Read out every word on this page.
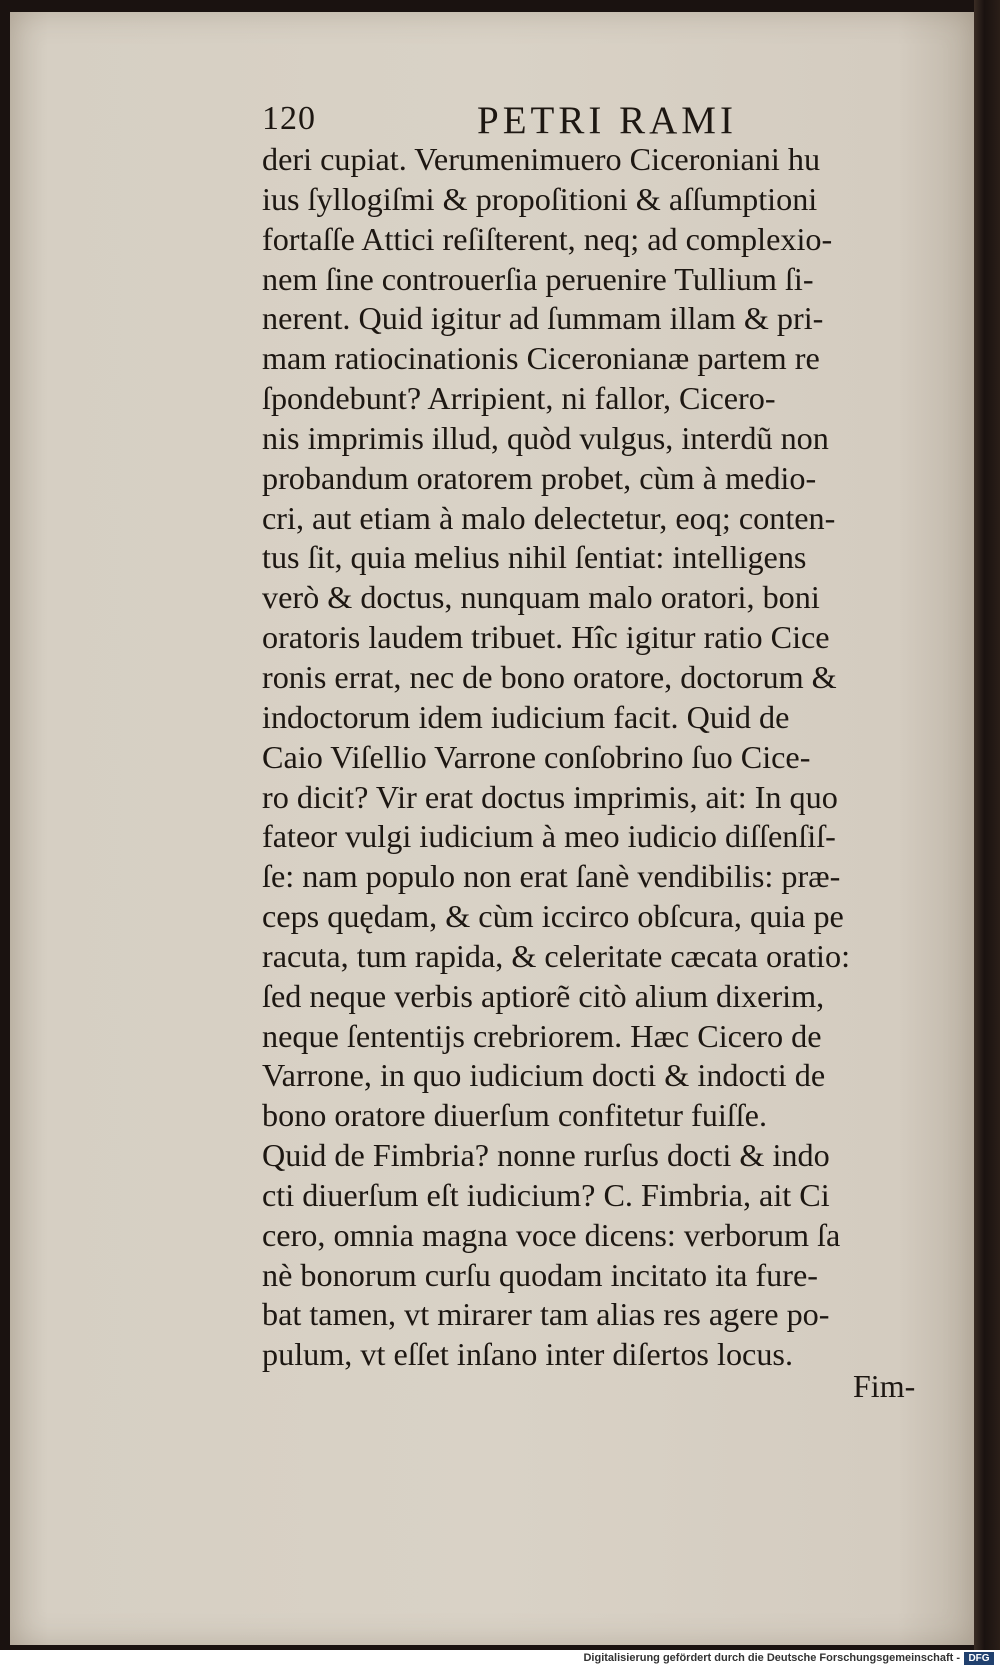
120	PETRI RAMI
deri cupiat. Verumenimuero Ciceroniani hu
ius ſyllogiſmi & propoſitioni & aſſumptioni
fortaſſe Attici reſiſterent, neq; ad complexio-
nem ſine controuerſia peruenire Tullium ſi-
nerent. Quid igitur ad ſummam illam & pri-
mam ratiocinationis Ciceronianæ partem re
ſpondebunt? Arripient, ni fallor, Cicero-
nis imprimis illud, quòd vulgus, interdũ non
probandum oratorem probet, cùm à medio-
cri, aut etiam à malo delectetur, eoq; conten-
tus ſit, quia melius nihil ſentiat: intelligens
verò & doctus, nunquam malo oratori, boni
oratoris laudem tribuet. Hîc igitur ratio Cice
ronis errat, nec de bono oratore, doctorum &
indoctorum idem iudicium facit. Quid de
Caio Viſellio Varrone conſobrino ſuo Cice-
ro dicit? Vir erat doctus imprimis, ait: In quo
fateor vulgi iudicium à meo iudicio diſſenſiſ-
ſe: nam populo non erat ſanè vendibilis: præ-
ceps quędam, & cùm iccirco obſcura, quia pe
racuta, tum rapida, & celeritate cæcata oratio:
ſed neque verbis aptiorẽ citò alium dixerim,
neque ſententijs crebriorem. Hæc Cicero de
Varrone, in quo iudicium docti & indocti de
bono oratore diuerſum confitetur fuiſſe.
Quid de Fimbria? nonne rurſus docti & indo
cti diuerſum eſt iudicium? C. Fimbria, ait Ci
cero, omnia magna voce dicens: verborum ſa
nè bonorum curſu quodam incitato ita fure-
bat tamen, vt mirarer tam alias res agere po-
pulum, vt eſſet inſano inter diſertos locus.
Fim-
Digitalisierung gefördert durch die Deutsche Forschungsgemeinschaft - DFG
